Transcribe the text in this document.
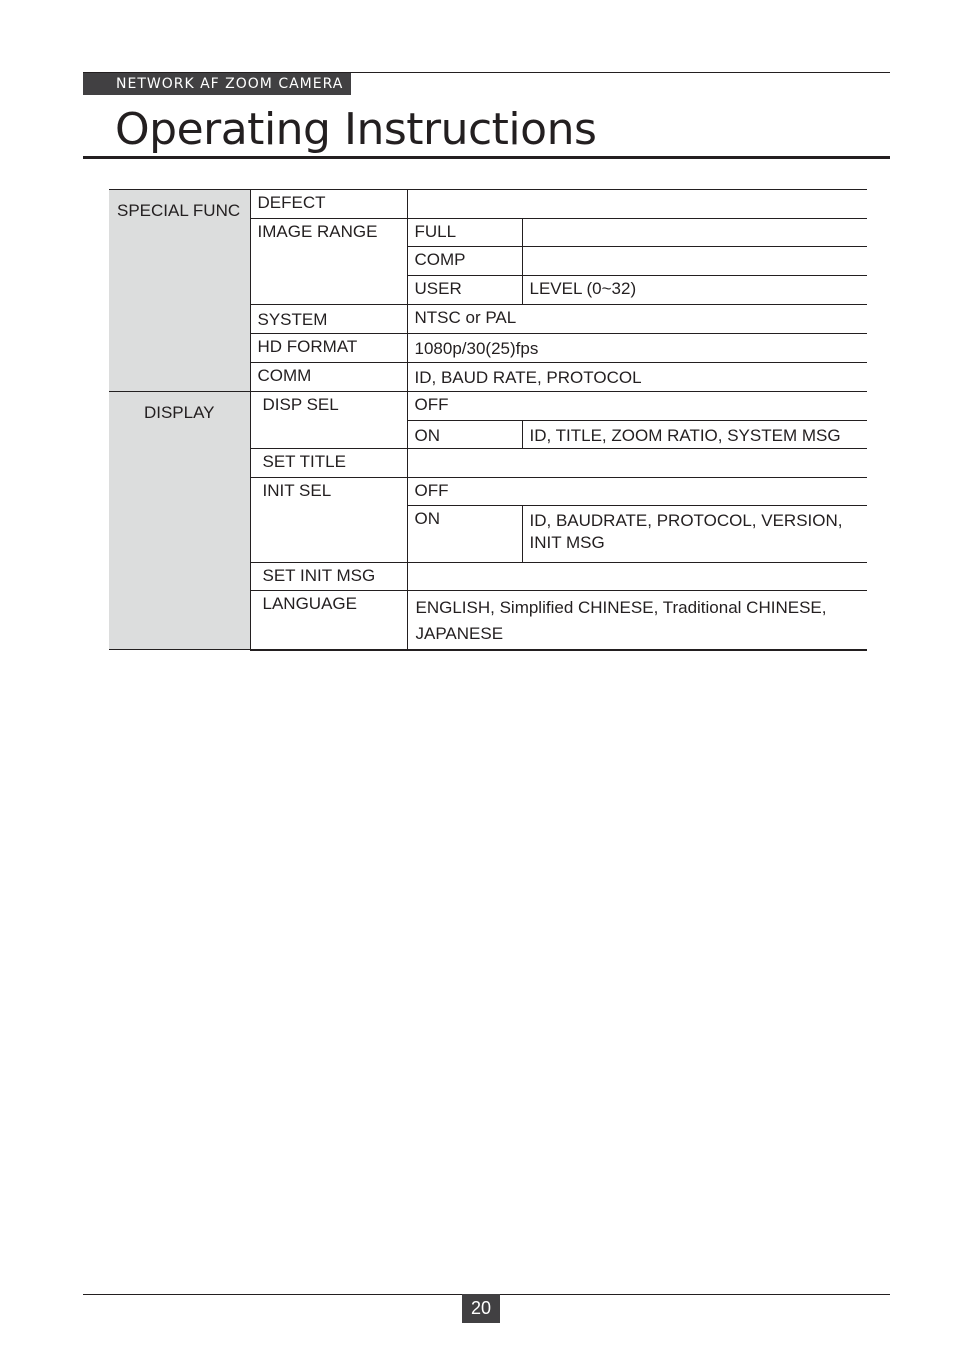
NETWORK AF ZOOM CAMERA
Operating Instructions
SPECIAL FUNC	DEFECT		
	IMAGE RANGE	FULL	
		COMP	
		USER	LEVEL (0~32)
	SYSTEM	NTSC or PAL	
	HD FORMAT	1080p/30(25)fps	
	COMM	ID, BAUD RATE, PROTOCOL	
DISPLAY	DISP SEL	OFF	
		ON	ID, TITLE, ZOOM RATIO, SYSTEM MSG
	SET TITLE		
	INIT SEL	OFF	
		ON	ID, BAUDRATE, PROTOCOL, VERSION, INIT MSG
	SET INIT MSG		
	LANGUAGE	ENGLISH, Simplified CHINESE, Traditional CHINESE, JAPANESE	
20
